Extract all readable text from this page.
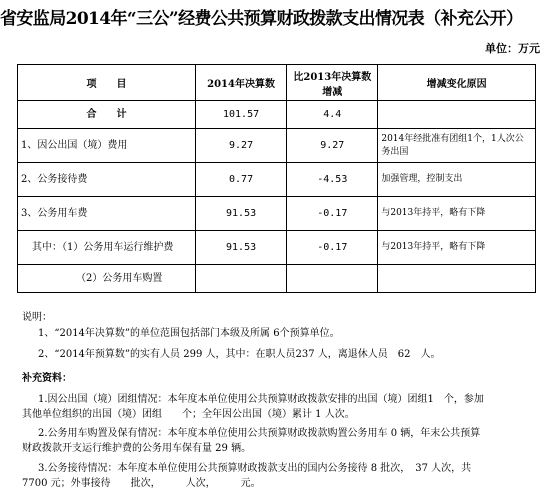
省安监局2014年“三公”经费公共预算财政拨款支出情况表（补充公开）
单位：万元
项　　目	2014年决算数	比2013年决算数增减	增减变化原因
合　　计	101.57	4.4	
1、因公出国（境）费用	9.27	9.27	2014年经批准有团组1个，1人次公务出国
2、公务接待费	0.77	-4.53	加强管理，控制支出
3、公务用车费	91.53	-0.17	与2013年持平，略有下降
其中：（1）公务用车运行维护费	91.53	-0.17	与2013年持平，略有下降
（2）公务用车购置			

说明：

1、“2014年决算数”的单位范围包括部门本级及所属 6个预算单位。

2、“2014年预算数”的实有人员 299 人，其中：在职人员237 人，离退休人员　62　人。

补充资料：

1.因公出国（境）团组情况：本年度本单位使用公共预算财政拨款安排的出国（境）团组1　个，参加

其他单位组织的出国（境）团组　　个；全年因公出国（境）累计 1 人次。

2.公务用车购置及保有情况：本年度本单位使用公共预算财政拨款购置公务用车 0 辆，年末公共预算

财政拨款开支运行维护费的公务用车保有量 29 辆。

3.公务接待情况：本年度本单位使用公共预算财政拨款支出的国内公务接待 8 批次，　37 人次，共

7700 元；外事接待　　批次，　　　人次，　　　元。
